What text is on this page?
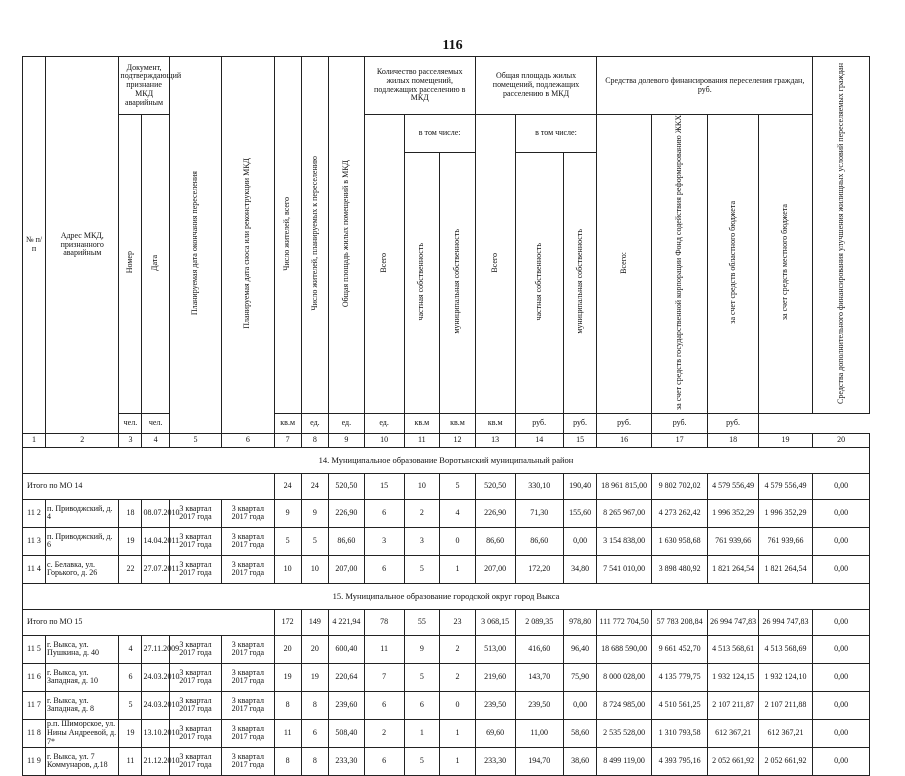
116
№ п/п	Адрес МКД, признанного аварийным	Документ, подтверждающий признание МКД аварийным		Планируемая дата окончания переселения	Планируемая дата сноса или реконструкции МКД	Число жителей, всего	Число жителей, планируемых к переселению	Общая площадь жилых помещений в МКД	Количество расселяемых жилых помещений, подлежащих расселению в МКД			Общая площадь жилых помещений, подлежащих расселению в МКД			Средства долевого финансирования переселения граждан, руб.				Средства дополнительного финансирования улучшения жилищных условий переселяемых граждан
		Номер	Дата						Всего	в том числе:		Всего	в том числе:		Всего:	за счет средств государственной корпорации Фонд содействия реформированию ЖКХ	за счет средств областного бюджета	за счет средств местного бюджета	
										частная собственность	муниципальная собственность		частная собственность	муниципальная собственность					
		чел.	чел.			кв.м	ед.	ед.	ед.	кв.м	кв.м	кв.м	руб.	руб.	руб.	руб.	руб.		
1	2	3	4	5	6	7	8	9	10	11	12	13	14	15	16	17	18	19	20
14. Муниципальное образование Воротынский муниципальный район																			
Итого по МО 14						24	24	520,50	15	10	5	520,50	330,10	190,40	18 961 815,00	9 802 702,02	4 579 556,49	4 579 556,49	0,00
11 2	п. Приводжский, д. 4	18	08.07.2010	3 квартал 2017 года	3 квартал 2017 года	9	9	226,90	6	2	4	226,90	71,30	155,60	8 265 967,00	4 273 262,42	1 996 352,29	1 996 352,29	0,00
11 3	п. Приводжский, д. 6	19	14.04.2011	3 квартал 2017 года	3 квартал 2017 года	5	5	86,60	3	3	0	86,60	86,60	0,00	3 154 838,00	1 630 958,68	761 939,66	761 939,66	0,00
11 4	с. Белавка, ул. Горького, д. 26	22	27.07.2011	3 квартал 2017 года	3 квартал 2017 года	10	10	207,00	6	5	1	207,00	172,20	34,80	7 541 010,00	3 898 480,92	1 821 264,54	1 821 264,54	0,00
15. Муниципальное образование городской округ город Выкса																			
Итого по МО 15						172	149	4 221,94	78	55	23	3 068,15	2 089,35	978,80	111 772 704,50	57 783 208,84	26 994 747,83	26 994 747,83	0,00
11 5	г. Выкса, ул. Пушкина, д. 40	4	27.11.2009	3 квартал 2017 года	3 квартал 2017 года	20	20	600,40	11	9	2	513,00	416,60	96,40	18 688 590,00	9 661 452,70	4 513 568,61	4 513 568,69	0,00
11 6	г. Выкса, ул. Западная, д. 10	6	24.03.2010	3 квартал 2017 года	3 квартал 2017 года	19	19	220,64	7	5	2	219,60	143,70	75,90	8 000 028,00	4 135 779,75	1 932 124,15	1 932 124,10	0,00
11 7	г. Выкса, ул. Западная, д. 8	5	24.03.2010	3 квартал 2017 года	3 квартал 2017 года	8	8	239,60	6	6	0	239,50	239,50	0,00	8 724 985,00	4 510 561,25	2 107 211,87	2 107 211,88	0,00
11 8	р.п. Шиморское, ул. Нины Андреевой, д. 7*	19	13.10.2010	3 квартал 2017 года	3 квартал 2017 года	11	6	508,40	2	1	1	69,60	11,00	58,60	2 535 528,00	1 310 793,58	612 367,21	612 367,21	0,00
11 9	г. Выкса, ул. 7 Коммунаров, д.18	11	21.12.2010	3 квартал 2017 года	3 квартал 2017 года	8	8	233,30	6	5	1	233,30	194,70	38,60	8 499 119,00	4 393 795,16	2 052 661,92	2 052 661,92	0,00
